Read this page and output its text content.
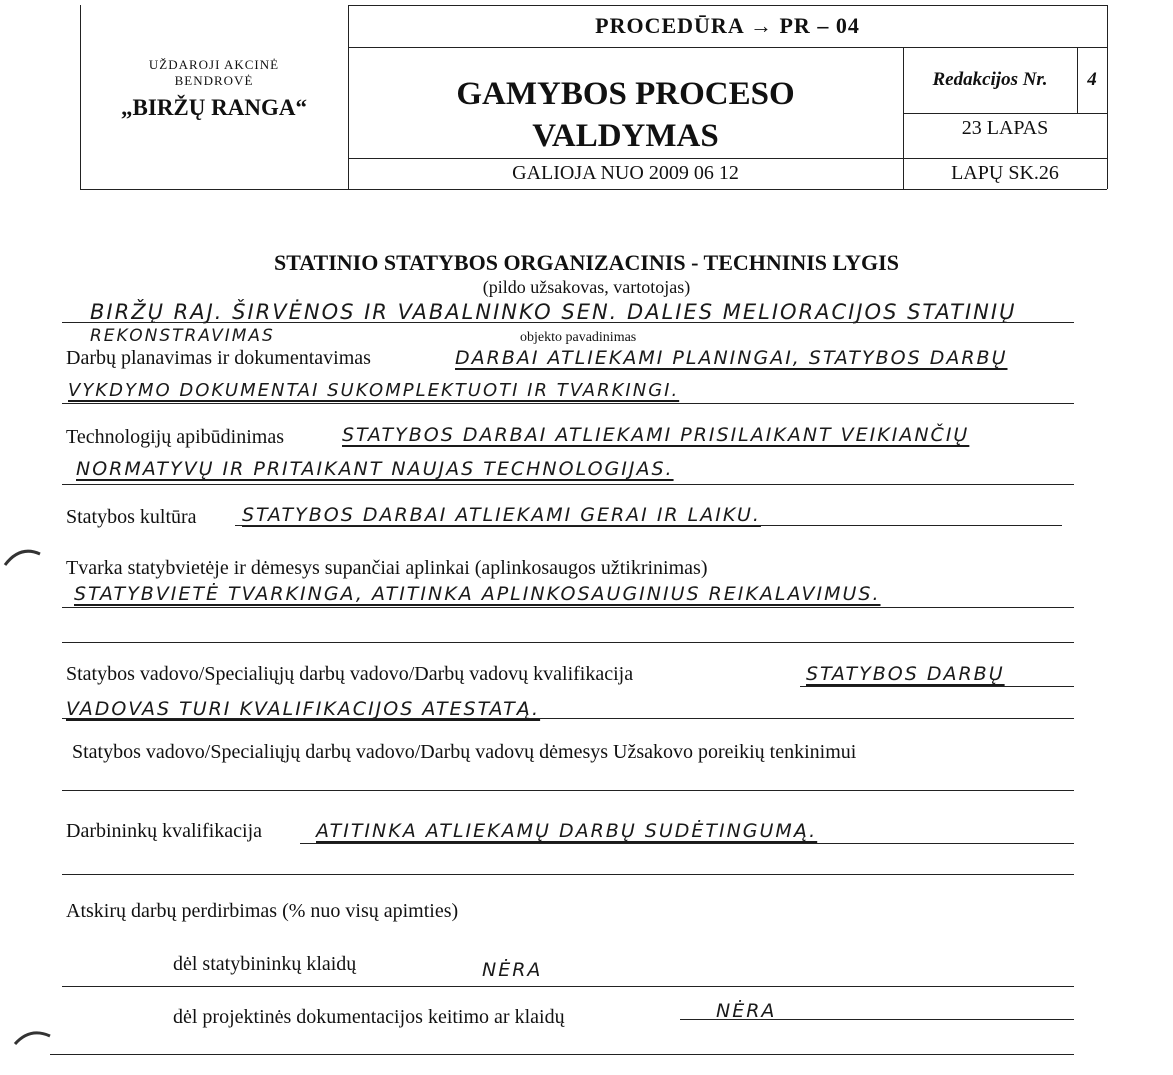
PROCEDŪRA → PR – 04
UŽDAROJI AKCINĖ
BENDROVĖ
„BIRŽŲ RANGA“	GAMYBOS PROCESO
VALDYMAS
GALIOJA NUO 2009 06 12
Redakcijos Nr.	4
23 LAPAS
LAPŲ SK.26
STATINIO STATYBOS ORGANIZACINIS - TECHNINIS LYGIS
(pildo užsakovas, vartotojas)
BIRŽŲ RAJ. ŠIRVĖNOS IR VABALNINKO SEN. DALIES MELIORACIJOS STATINIŲ
REKONSTRAVIMAS	objekto pavadinimas
Darbų planavimas ir dokumentavimas	DARBAI ATLIEKAMI PLANINGAI, STATYBOS DARBŲ
VYKDYMO DOKUMENTAI SUKOMPLEKTUOTI IR TVARKINGI.
Technologijų apibūdinimas	STATYBOS DARBAI ATLIEKAMI PRISILAIKANT VEIKIANČIŲ
NORMATYVŲ IR PRITAIKANT NAUJAS TECHNOLOGIJAS.
Statybos kultūra STATYBOS DARBAI ATLIEKAMI GERAI IR LAIKU.
Tvarka statybvietėje ir dėmesys supančiai aplinkai (aplinkosaugos užtikrinimas)
STATYBVIETĖ TVARKINGA, ATITINKA APLINKOSAUGINIUS REIKALAVIMUS.
Statybos vadovo/Specialiųjų darbų vadovo/Darbų vadovų kvalifikacija	STATYBOS DARBŲ
VADOVAS TURI KVALIFIKACIJOS ATESTATĄ.
Statybos vadovo/Specialiųjų darbų vadovo/Darbų vadovų dėmesys Užsakovo poreikių tenkinimui
Darbininkų kvalifikacija	ATITINKA ATLIEKAMŲ DARBŲ SUDĖTINGUMĄ.
Atskirų darbų perdirbimas (% nuo visų apimties)
dėl statybininkų klaidų	NĖRA
dėl projektinės dokumentacijos keitimo ar klaidų	NĖRA
